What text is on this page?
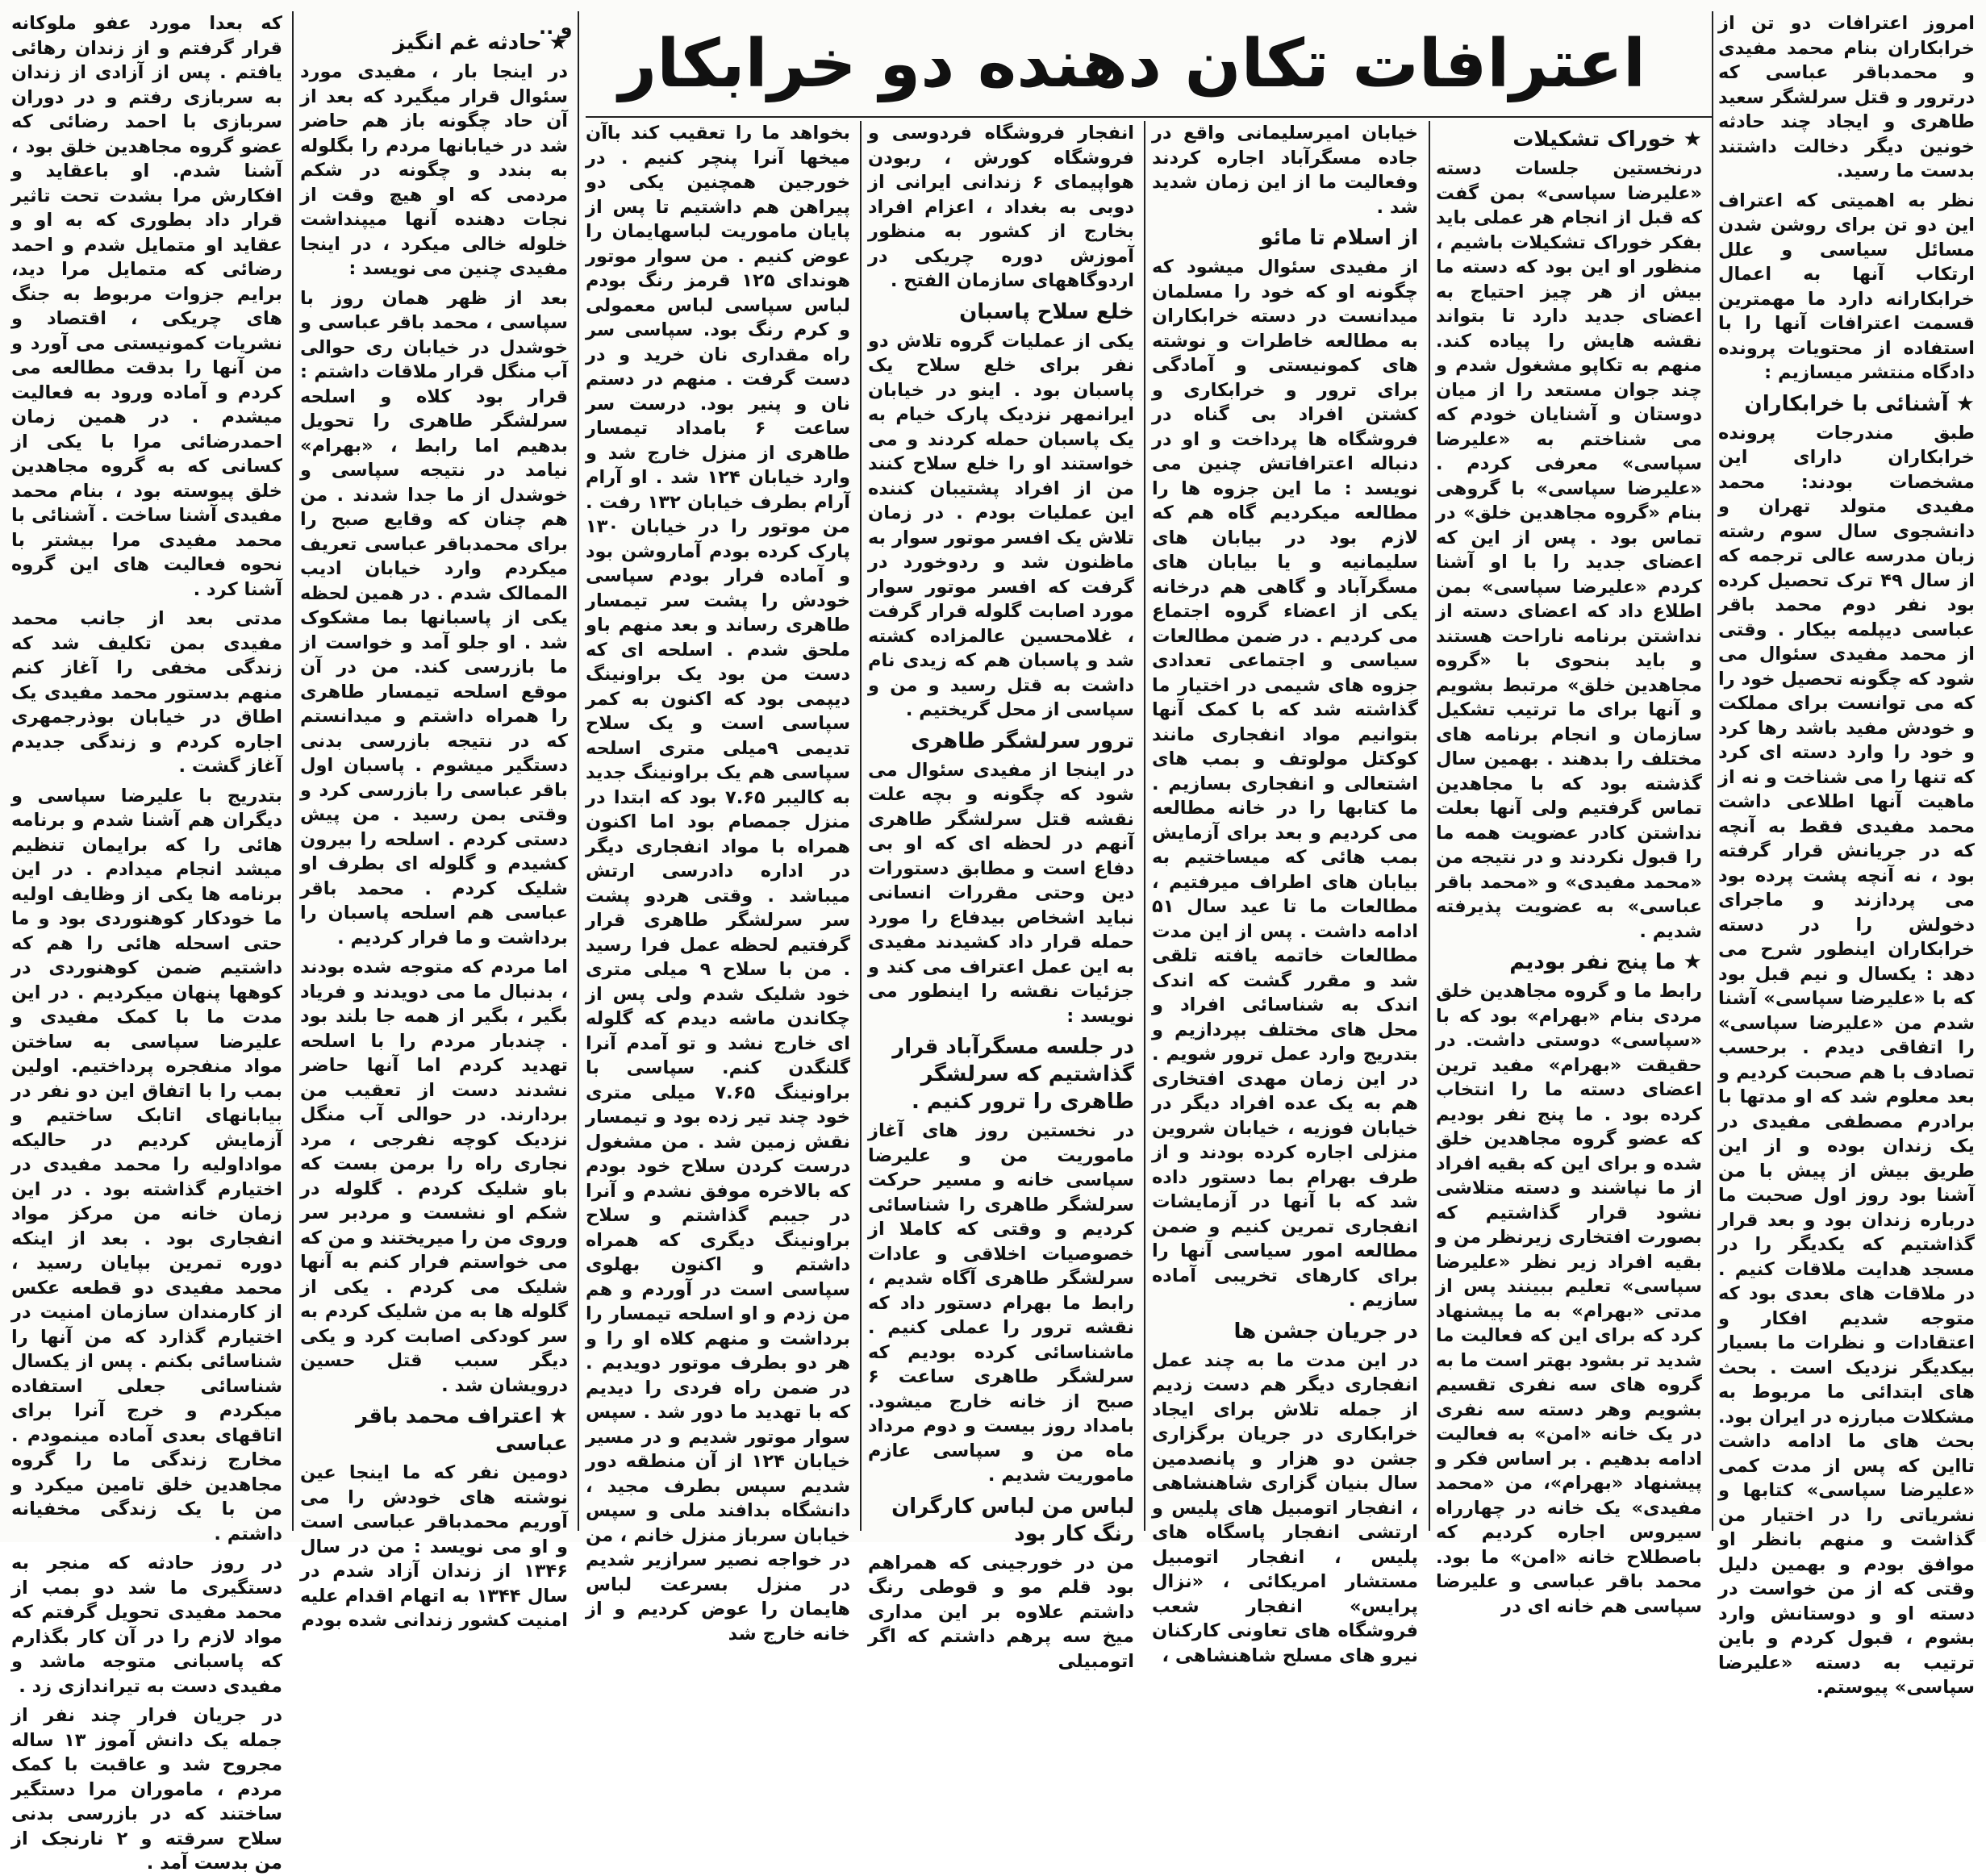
اعترافات تکان دهنده دو خرابکار

امروز اعترافات دو تن از خرابکاران بنام محمد مفیدی و محمدباقر عباسی که درترور و قتل سرلشگر سعید طاهری و ایجاد چند حادثه خونین دیگر دخالت داشتند بدست ما رسید.

نظر به اهمیتی که اعتراف این دو تن برای روشن شدن مسائل سیاسی و علل ارتکاب آنها به اعمال خرابکارانه دارد ما مهمترین قسمت اعترافات آنها را با استفاده از محتویات پرونده دادگاه منتشر میسازیم :

★ آشنائی با خرابکاران

طبق مندرجات پرونده خرابکاران دارای این مشخصات بودند: محمد مفیدی متولد تهران و دانشجوی سال سوم رشته زبان مدرسه عالی ترجمه که از سال ۴۹ ترک تحصیل کرده بود نفر دوم محمد باقر عباسی دیپلمه بیکار . وقتی از محمد مفیدی سئوال می شود که چگونه تحصیل خود را که می توانست برای مملکت و خودش مفید باشد رها کرد و خود را وارد دسته ای کرد که تنها را می شناخت و نه از ماهیت آنها اطلاعی داشت محمد مفیدی فقط به آنچه که در جریانش قرار گرفته بود ، نه آنچه پشت پرده بود می پردازند و ماجرای دخولش را در دسته خرابکاران اینطور شرح می دهد : یکسال و نیم قبل بود که با «علیرضا سپاسی» آشنا شدم من «علیرضا سپاسی» را اتفاقی دیدم . برحسب تصادف با هم صحبت کردیم و بعد معلوم شد که او مدتها با برادرم مصطفی مفیدی در یک زندان بوده و از این طریق بیش از پیش با من آشنا بود روز اول صحبت ما درباره زندان بود و بعد قرار گذاشتیم که یکدیگر را در مسجد هدایت ملاقات کنیم . در ملاقات های بعدی بود که متوجه شدیم افکار و اعتقادات و نظرات ما بسیار بیکدیگر نزدیک است . بحث های ابتدائی ما مربوط به مشکلات مبارزه در ایران بود. بحث های ما ادامه داشت تااین که پس از مدت کمی «علیرضا سپاسی» کتابها و نشریاتی را در اختیار من گذاشت و منهم بانظر او موافق بودم و بهمین دلیل وقتی که از من خواست در دسته او و دوستانش وارد بشوم ، قبول کردم و باین ترتیب به دسته «علیرضا سپاسی» پیوستم.

★ خوراک تشکیلات

درنخستین جلسات دسته «علیرضا سپاسی» بمن گفت که قبل از انجام هر عملی باید بفکر خوراک تشکیلات باشیم ، منظور او این بود که دسته ما بیش از هر چیز احتیاج به اعضای جدید دارد تا بتواند نقشه هایش را پیاده کند. منهم به تکاپو مشغول شدم و چند جوان مستعد را از میان دوستان و آشنایان خودم که می شناختم به «علیرضا سپاسی» معرفی کردم . «علیرضا سپاسی» با گروهی بنام «گروه مجاهدین خلق» در تماس بود . پس از این که اعضای جدید را با او آشنا کردم «علیرضا سپاسی» بمن اطلاع داد که اعضای دسته از نداشتن برنامه ناراحت هستند و باید بنحوی با «گروه مجاهدین خلق» مرتبط بشویم و آنها برای ما ترتیب تشکیل سازمان و انجام برنامه های مختلف را بدهند . بهمین سال گذشته بود که با مجاهدین تماس گرفتیم ولی آنها بعلت نداشتن کادر عضویت همه ما را قبول نکردند و در نتیجه من «محمد مفیدی» و «محمد باقر عباسی» به عضویت پذیرفته شدیم .

★ ما پنج نفر بودیم

رابط ما و گروه مجاهدین خلق مردی بنام «بهرام» بود که با «سپاسی» دوستی داشت. در حقیقت «بهرام» مفید ترین اعضای دسته ما را انتخاب کرده بود . ما پنج نفر بودیم که عضو گروه مجاهدین خلق شده و برای این که بقیه افراد از ما نپاشند و دسته متلاشی نشود قرار گذاشتیم که بصورت افتخاری زیرنظر من و بقیه افراد زیر نظر «علیرضا سپاسی» تعلیم ببینند پس از مدتی «بهرام» به ما پیشنهاد کرد که برای این که فعالیت ما شدید تر بشود بهتر است ما به گروه های سه نفری تقسیم بشویم وهر دسته سه نفری در یک خانه «امن» به فعالیت ادامه بدهیم . بر اساس فکر و پیشنهاد «بهرام»، من «محمد مفیدی» یک خانه در چهارراه سیروس اجاره کردیم که باصطلاح خانه «امن» ما بود. محمد باقر عباسی و علیرضا سپاسی هم خانه ای در

خیابان امیرسلیمانی واقع در جاده مسگرآباد اجاره کردند وفعالیت ما از این زمان شدید شد .

از اسلام تا مائو

از مفیدی سئوال میشود که چگونه او که خود را مسلمان میدانست در دسته خرابکاران به مطالعه خاطرات و نوشته های کمونیستی و آمادگی برای ترور و خرابکاری و کشتن افراد بی گناه در فروشگاه ها پرداخت و او در دنباله اعترافاتش چنین می نویسد : ما این جزوه ها را مطالعه میکردیم گاه هم که لازم بود در بیابان های سلیمانیه و یا بیابان های مسگرآباد و گاهی هم درخانه یکی از اعضاء گروه اجتماع می کردیم . در ضمن مطالعات سیاسی و اجتماعی تعدادی جزوه های شیمی در اختیار ما گذاشته شد که با کمک آنها بتوانیم مواد انفجاری مانند کوکتل مولوتف و بمب های اشتعالی و انفجاری بسازیم . ما کتابها را در خانه مطالعه می کردیم و بعد برای آزمایش بمب هائی که میساختیم به بیابان های اطراف میرفتیم ، مطالعات ما تا عید سال ۵۱ ادامه داشت . پس از این مدت مطالعات خاتمه یافته تلقی شد و مقرر گشت که اندک اندک به شناسائی افراد و محل های مختلف بپردازیم و بتدریج وارد عمل ترور شویم . در این زمان مهدی افتخاری هم به یک عده افراد دیگر در خیابان فوزیه ، خیابان شروین منزلی اجاره کرده بودند و از طرف بهرام بما دستور داده شد که با آنها در آزمایشات انفجاری تمرین کنیم و ضمن مطالعه امور سیاسی آنها را برای کارهای تخریبی آماده سازیم .

در جریان جشن ها

در این مدت ما به چند عمل انفجاری دیگر هم دست زدیم از جمله تلاش برای ایجاد خرابکاری در جریان برگزاری جشن دو هزار و پانصدمین سال بنیان گزاری شاهنشاهی ، انفجار اتومبیل های پلیس و ارتشی انفجار پاسگاه های پلیس ، انفجار اتومبیل مستشار امریکائی ، «نزال پرایس» انفجار شعب فروشگاه های تعاونی کارکنان نیرو های مسلح شاهنشاهی ،

انفجار فروشگاه فردوسی و فروشگاه کورش ، ربودن هواپیمای ۶ زندانی ایرانی از دوبی به بغداد ، اعزام افراد بخارج از کشور به منظور آموزش دوره چریکی در اردوگاههای سازمان الفتح .

خلع سلاح پاسبان

یکی از عملیات گروه تلاش دو نفر برای خلع سلاح یک پاسبان بود . اینو در خیابان ایرانمهر نزدیک پارک خیام به یک پاسبان حمله کردند و می خواستند او را خلع سلاح کنند من از افراد پشتیبان کننده این عملیات بودم . در زمان تلاش یک افسر موتور سوار به ماظنون شد و ردوخورد در گرفت که افسر موتور سوار مورد اصابت گلوله قرار گرفت ، غلامحسین عالمزاده کشته شد و پاسبان هم که زیدی نام داشت به قتل رسید و من و سپاسی از محل گریختیم .

ترور سرلشگر طاهری

در اینجا از مفیدی سئوال می شود که چگونه و بچه علت نقشه قتل سرلشگر طاهری آنهم در لحظه ای که او بی دفاع است و مطابق دستورات دین وحتی مقررات انسانی نباید اشخاص بیدفاع را مورد حمله قرار داد کشیدند مفیدی به این عمل اعتراف می کند و جزئیات نقشه را اینطور می نویسد :

در جلسه مسگرآباد قرار گذاشتیم که سرلشگر طاهری را ترور کنیم .

در نخستین روز های آغاز ماموریت من و علیرضا سپاسی خانه و مسیر حرکت سرلشگر طاهری را شناسائی کردیم و وقتی که کاملا از خصوصیات اخلاقی و عادات سرلشگر طاهری آگاه شدیم ، رابط ما بهرام دستور داد که نقشه ترور را عملی کنیم . ماشناسائی کرده بودیم که سرلشگر طاهری ساعت ۶ صبح از خانه خارج میشود. بامداد روز بیست و دوم مرداد ماه من و سپاسی عازم ماموریت شدیم .

لباس من لباس کارگران رنگ کار بود

من در خورجینی که همراهم بود قلم مو و قوطی رنگ داشتم علاوه بر این مداری میخ سه پرهم داشتم که اگر اتومبیلی

بخواهد ما را تعقیب کند باآن میخها آنرا پنچر کنیم . در خورجین همچنین یکی دو پیراهن هم داشتیم تا پس از پایان ماموریت لباسهایمان را عوض کنیم . من سوار موتور هوندای ۱۲۵ قرمز رنگ بودم لباس سپاسی لباس معمولی و کرم رنگ بود. سپاسی سر راه مقداری نان خرید و در دست گرفت . منهم در دستم نان و پنیر بود. درست سر ساعت ۶ بامداد تیمسار طاهری از منزل خارج شد و وارد خیابان ۱۲۴ شد . او آرام آرام بطرف خیابان ۱۳۲ رفت . من موتور را در خیابان ۱۳۰ پارک کرده بودم آماروشن بود و آماده فرار بودم سپاسی خودش را پشت سر تیمسار طاهری رساند و بعد منهم باو ملحق شدم . اسلحه ای که دست من بود یک براونینگ دیپمی بود که اکنون به کمر سپاسی است و یک سلاح تدیمی ۹میلی متری اسلحه سپاسی هم یک براونینگ جدید به کالیبر ۷.۶۵ بود که ابتدا در منزل جمصام بود اما اکنون همراه با مواد انفجاری دیگر در اداره دادرسی ارتش میباشد . وقتی هردو پشت سر سرلشگر طاهری قرار گرفتیم لحظه عمل فرا رسید . من با سلاح ۹ میلی متری خود شلیک شدم ولی پس از چکاندن ماشه دیدم که گلوله ای خارج نشد و تو آمدم آنرا گلنگدن کنم. سپاسی با براونینگ ۷.۶۵ میلی متری خود چند تیر زده بود و تیمسار نقش زمین شد . من مشغول درست کردن سلاح خود بودم که بالاخره موفق نشدم و آنرا در جیبم گذاشتم و سلاح براونینگ دیگری که همراه داشتم و اکنون بهلوی سپاسی است در آوردم و هم من زدم و او اسلحه تیمسار را برداشت و منهم کلاه او را و هر دو بطرف موتور دویدیم . در ضمن راه فردی را دیدیم که با تهدید ما دور شد . سپس سوار موتور شدیم و در مسیر خیابان ۱۲۴ از آن منطقه دور شدیم سپس بطرف مجید ، دانشگاه بدافند ملی و سپس خیابان سرباز منزل خانم ، من در خواجه نصیر سرازیر شدیم در منزل بسرعت لباس هایمان را عوض کردیم و از خانه خارج شد

★ حادثه غم انگیز

در اینجا بار ، مفیدی مورد سئوال قرار میگیرد که بعد از آن حاد چگونه باز هم حاضر شد در خیابانها مردم را بگلوله به بندد و چگونه در شکم مردمی که او هیچ وقت از نجات دهنده آنها میپنداشت خلوله خالی میکرد ، در اینجا مفیدی چنین می نویسد :

بعد از ظهر همان روز با سپاسی ، محمد باقر عباسی و خوشدل در خیابان ری حوالی آب منگل قرار ملاقات داشتم : قرار بود کلاه و اسلحه سرلشگر طاهری را تحویل بدهیم اما رابط ، «بهرام» نیامد در نتیجه سپاسی و خوشدل از ما جدا شدند . من هم چنان که وقایع صبح را برای محمدباقر عباسی تعریف میکردم وارد خیابان ادیب الممالک شدم . در همین لحظه یکی از پاسبانها بما مشکوک شد . او جلو آمد و خواست از ما بازرسی کند. من در آن موقع اسلحه تیمسار طاهری را همراه داشتم و میدانستم که در نتیجه بازرسی بدنی دستگیر میشوم . پاسبان اول باقر عباسی را بازرسی کرد و وقتی بمن رسید . من پیش دستی کردم . اسلحه را بیرون کشیدم و گلوله ای بطرف او شلیک کردم . محمد باقر عباسی هم اسلحه پاسبان را برداشت و ما فرار کردیم .

اما مردم که متوجه شده بودند ، بدنبال ما می دویدند و فریاد بگیر ، بگیر از همه جا بلند بود . چندبار مردم را با اسلحه تهدید کردم اما آنها حاضر نشدند دست از تعقیب من بردارند. در حوالی آب منگل نزدیک کوچه نفرجی ، مرد نجاری راه را برمن بست که باو شلیک کردم . گلوله در شکم او نشست و مردبر سر وروی من را میریختند و من که می خواستم فرار کنم به آنها شلیک می کردم . یکی از گلوله ها به من شلیک کردم به سر کودکی اصابت کرد و یکی دیگر سبب قتل حسین درویشان شد .

★ اعتراف محمد باقر عباسی

دومین نفر که ما اینجا عین نوشته های خودش را می آوریم محمدباقر عباسی است و او می نویسد : من در سال ۱۳۴۶ از زندان آزاد شدم در سال ۱۳۴۴ به اتهام اقدام علیه امنیت کشور زندانی شده بودم

که بعدا مورد عفو ملوکانه قرار گرفتم و از زندان رهائی یافتم . پس از آزادی از زندان به سربازی رفتم و در دوران سربازی با احمد رضائی که عضو گروه مجاهدین خلق بود ، آشنا شدم. او باعقاید و افکارش مرا بشدت تحت تاثیر قرار داد بطوری که به او و عقاید او متمایل شدم و احمد رضائی که متمایل مرا دید، برایم جزوات مربوط به جنگ های چریکی ، اقتصاد و نشریات کمونیستی می آورد و من آنها را بدقت مطالعه می کردم و آماده ورود به فعالیت میشدم . در همین زمان احمدرضائی مرا با یکی از کسانی که به گروه مجاهدین خلق پیوسته بود ، بنام محمد مفیدی آشنا ساخت . آشنائی با محمد مفیدی مرا بیشتر با نحوه فعالیت های این گروه آشنا کرد .

مدتی بعد از جانب محمد مفیدی بمن تکلیف شد که زندگی مخفی را آغاز کنم منهم بدستور محمد مفیدی یک اطاق در خیابان بوذرجمهری اجاره کردم و زندگی جدیدم آغاز گشت .

بتدریج با علیرضا سپاسی و دیگران هم آشنا شدم و برنامه هائی را که برایمان تنظیم میشد انجام میدادم . در این برنامه ها یکی از وظایف اولیه ما خودکار کوهنوردی بود و ما حتی اسحله هائی را هم که داشتیم ضمن کوهنوردی در کوهها پنهان میکردیم . در این مدت ما با کمک مفیدی و علیرضا سپاسی به ساختن مواد منفجره پرداختیم. اولین بمب را با اتفاق این دو نفر در بیابانهای اتابک ساختیم و آزمایش کردیم در حالیکه مواداولیه را محمد مفیدی در اختیارم گذاشته بود . در این زمان خانه من مرکز مواد انفجاری بود . بعد از اینکه دوره تمرین بپایان رسید ، محمد مفیدی دو قطعه عکس از کارمندان سازمان امنیت در اختیارم گذارد که من آنها را شناسائی بکنم . پس از یکسال شناسائی جعلی استفاده میکردم و خرج آنرا برای اتاقهای بعدی آماده مینمودم . مخارج زندگی ما را گروه مجاهدین خلق تامین میکرد و من با یک زندگی مخفیانه داشتم .

در روز حادثه که منجر به دستگیری ما شد دو بمب از محمد مفیدی تحویل گرفتم که مواد لازم را در آن کار بگذارم که پاسبانی متوجه ماشد و مفیدی دست به تیراندازی زد .

در جریان فرار چند نفر از جمله یک دانش آموز ۱۳ ساله مجروح شد و عاقبت با کمک مردم ، ماموران مرا دستگیر ساختند که در بازرسی بدنی سلاح سرقته و ۲ نارنجک از من بدست آمد .

و ..
